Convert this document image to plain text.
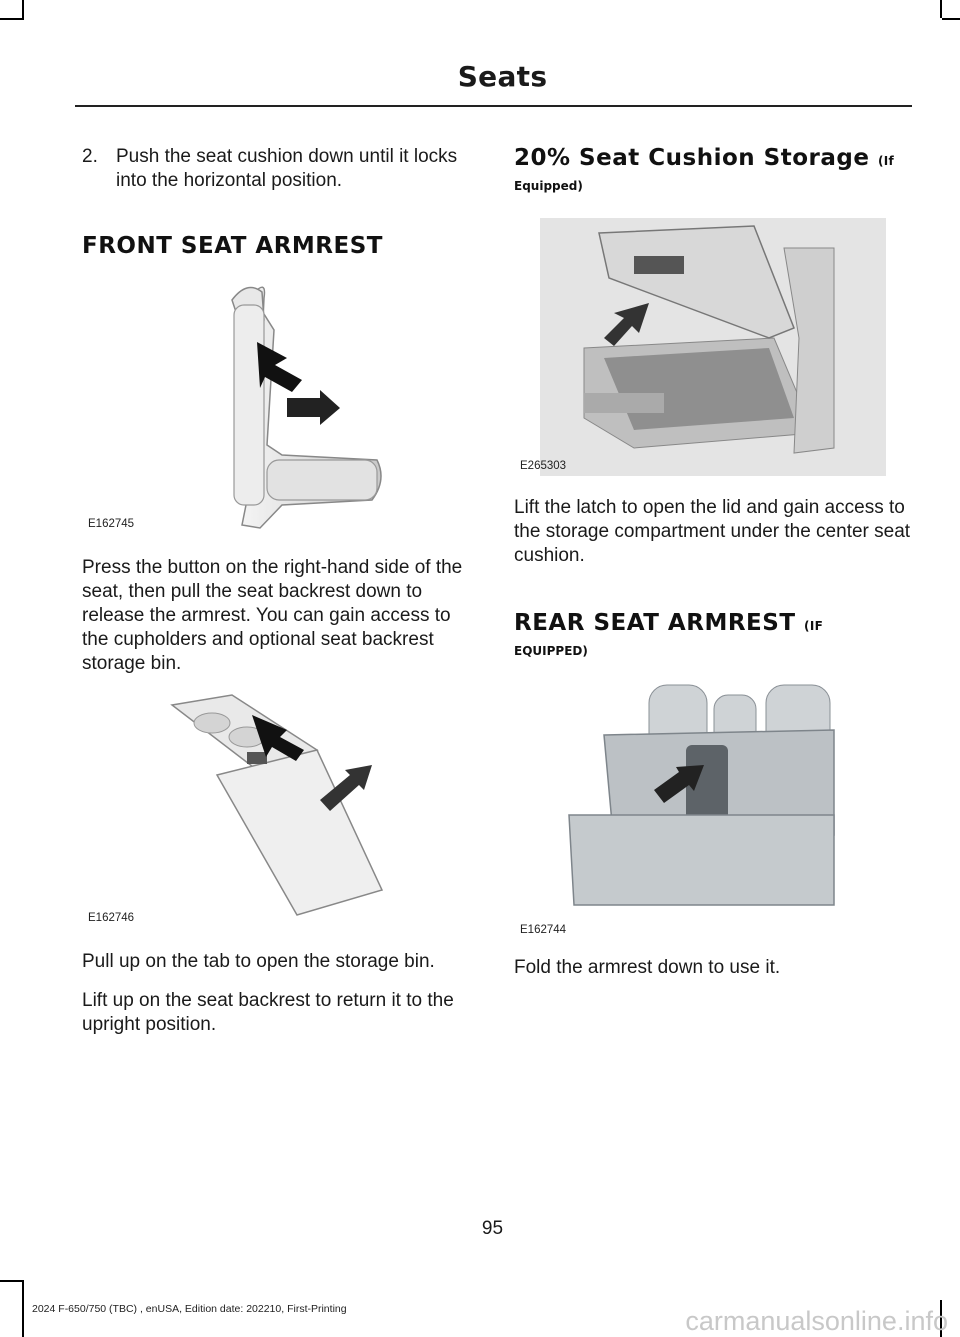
Seats
2. Push the seat cushion down until it locks into the horizontal position.

FRONT SEAT ARMREST
E162745

Press the button on the right-hand side of the seat, then pull the seat backrest down to release the armrest. You can gain access to the cupholders and optional seat backrest storage bin.

E162746

Pull up on the tab to open the storage bin.

Lift up on the seat backrest to return it to the upright position.

20% Seat Cushion Storage (If
Equipped)
E265303

Lift the latch to open the lid and gain access to the storage compartment under the center seat cushion.

REAR SEAT ARMREST (IF
EQUIPPED)
E162744

Fold the armrest down to use it.

95
2024 F-650/750 (TBC) , enUSA, Edition date: 202210, First-Printing	carmanualsonline.info
